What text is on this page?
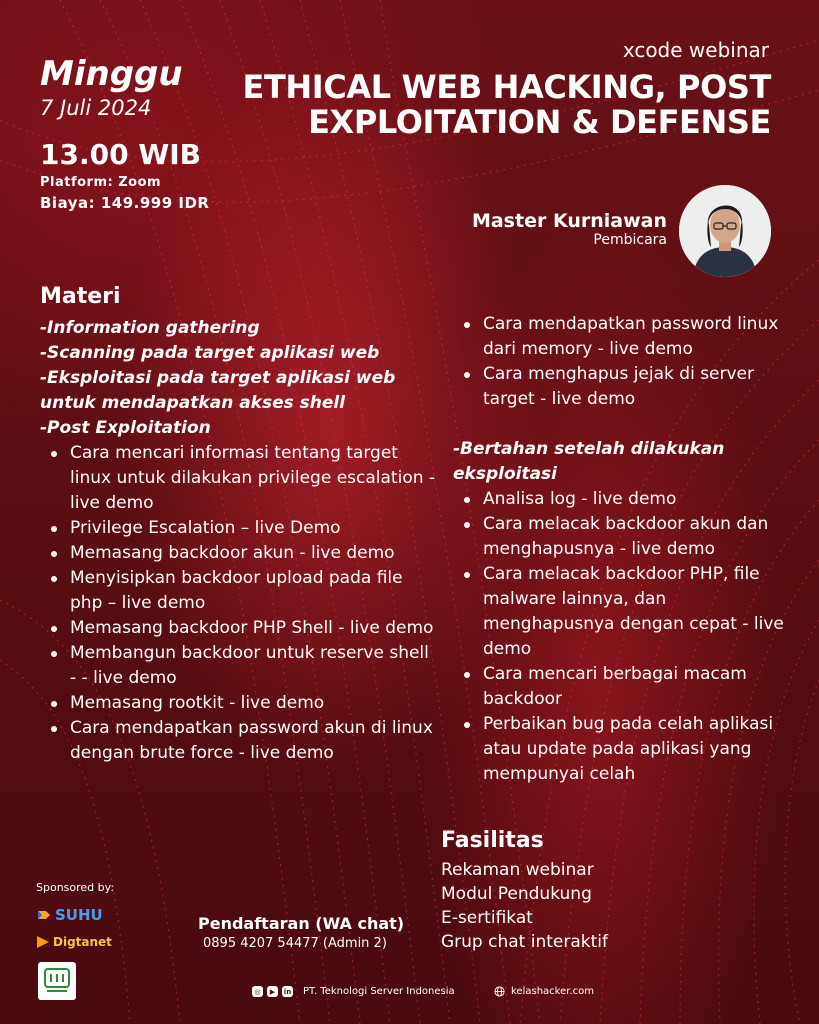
Minggu
7 Juli 2024
13.00 WIB
Platform: Zoom
Biaya: 149.999 IDR
xcode webinar
ETHICAL WEB HACKING, POST
EXPLOITATION & DEFENSE
Master Kurniawan
Pembicara
Materi
-Information gathering
-Scanning pada target aplikasi web
-Eksploitasi pada target aplikasi web untuk mendapatkan akses shell
-Post Exploitation
Cara mencari informasi tentang target linux untuk dilakukan privilege escalation - live demo
Privilege Escalation – live Demo
Memasang backdoor akun - live demo
Menyisipkan backdoor upload pada file php – live demo
Memasang backdoor PHP Shell - live demo
Membangun backdoor untuk reserve shell - - live demo
Memasang rootkit - live demo
Cara mendapatkan password akun di linux dengan brute force - live demo
Cara mendapatkan password linux dari memory - live demo
Cara menghapus jejak di server target - live demo
-Bertahan setelah dilakukan eksploitasi
Analisa log - live demo
Cara melacak backdoor akun dan menghapusnya - live demo
Cara melacak backdoor PHP, file malware lainnya, dan menghapusnya dengan cepat - live demo
Cara mencari berbagai macam backdoor
Perbaikan bug pada celah aplikasi atau update pada aplikasi yang mempunyai celah
Fasilitas
Rekaman webinar
Modul Pendukung
E-sertifikat
Grup chat interaktif
Sponsored by:
SUHU
Digtanet
Pendaftaran (WA chat)
0895 4207 54477 (Admin 2)
◎	▶	in PT. Teknologi Server Indonesia	kelashacker.com
